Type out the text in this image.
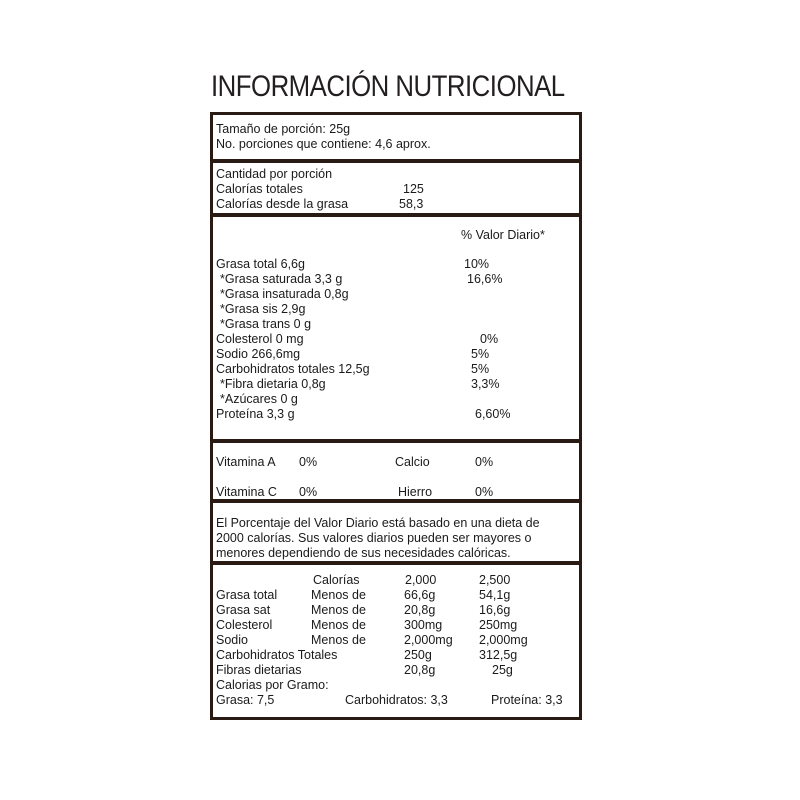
INFORMACIÓN NUTRICIONAL
Tamaño de porción: 25g
No. porciones que contiene: 4,6 aprox.
Cantidad por porción
Calorías totales	125
Calorías desde la grasa	58,3
% Valor Diario*
Grasa total 6,6g	10%
*Grasa saturada 3,3 g	16,6%
*Grasa insaturada 0,8g
*Grasa sis 2,9g
*Grasa trans 0 g
Colesterol 0 mg	0%
Sodio 266,6mg	5%
Carbohidratos totales 12,5g	5%
*Fibra dietaria 0,8g	3,3%
*Azúcares 0 g
Proteína 3,3 g	6,60%
Vitamina A 0%	Calcio	0%
Vitamina C 0%	Hierro	0%
El Porcentaje del Valor Diario está basado en una dieta de
2000 calorías. Sus valores diarios pueden ser mayores o
menores dependiendo de sus necesidades calóricas.
Calorías	2,000	2,500
Grasa total	Menos de	66,6g	54,1g
Grasa sat	Menos de	20,8g	16,6g
Colesterol	Menos de	300mg	250mg
Sodio	Menos de	2,000mg 2,000mg
Carbohidratos Totales	250g	312,5g
Fibras dietarias	20,8g	25g
Calorias por Gramo:
Grasa: 7,5	Carbohidratos: 3,3	Proteína: 3,3
